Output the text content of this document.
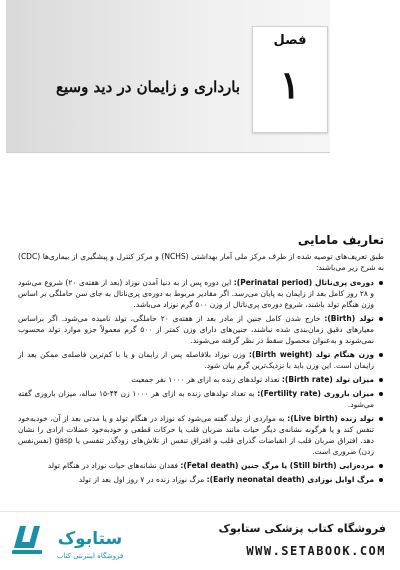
فصل
۱
بارداری و زایمان در دید وسیع
تعاریف مامایی

طبق تعریف‌های توصیه شده از طرف مرکز ملی آمار بهداشتی (NCHS) و مرکز کنترل و پیشگیری از بیماری‌ها (CDC) به شرح زیر می‌باشند:

دوره‌ی پری‌ناتال (Perinatal period): این دوره پس از به دنیا آمدن نوزاد (بعد از هفته‌ی ۲۰) شروع می‌شود و ۲۸ روز کامل بعد از زایمان به پایان می‌رسد. اگر مقادیر مربوط به دوره‌ی پری‌ناتال به جای سن حاملگی بر اساس وزن هنگام تولد باشند، شروع دوره‌ی پری‌ناتال از وزن ۵۰۰ گرم نوزاد می‌باشد.
تولد (Birth): خارج شدن کامل جنین از مادر بعد از هفته‌ی ۲۰ حاملگی، تولد نامیده می‌شود. اگر براساس معیارهای دقیق زمان‌بندی شده نباشند، جنین‌های دارای وزن کمتر از ۵۰۰ گرم معمولاً جزو موارد تولد محسوب نمی‌شوند و به‌عنوان محصول سقط در نظر گرفته می‌شوند.
وزن هنگام تولد (Birth weight): وزن نوزاد بلافاصله پس از زایمان و یا با کم‌ترین فاصله‌ی ممکن بعد از زایمان است. این وزن باید با نزدیک‌ترین گرم بیان شود.
میزان تولد (Birth rate): تعداد تولدهای زنده به ازای هر ۱۰۰۰ نفر جمعیت
میزان باروری (Fertility rate): به تعداد تولدهای زنده به ازای هر ۱۰۰۰ زن ۴۴-۱۵ ساله، میزان باروری گفته می‌شود.
تولد زنده (Live birth): به مواردی از تولد گفته می‌شود که نوزاد در هنگام تولد و یا مدتی بعد از آن، خودبه‌خود تنفس کند و یا هرگونه نشانه‌ی دیگر حیات مانند ضربان قلب یا حرکات قطعی و خودبه‌خود عضلات ارادی را نشان دهد. افتراق ضربان قلب از انقباضات گذرای قلب و افتراق تنفس از تلاش‌های زودگذر تنفسی یا gasp (نفس‌نفس زدن) ضروری است.
مرده‌زایی (Still birth) یا مرگ جنین (Fetal death): فقدان نشانه‌های حیات نوزاد در هنگام تولد
مرگ اوایل نوزادی (Early neonatal death): مرگ نوزاد زنده در ۷ روز اول بعد از تولد
فروشگاه کتاب پزشکی ستابوک
WWW.SETABOOK.COM
ستابوک
فروشگاه اینترنتی کتاب
